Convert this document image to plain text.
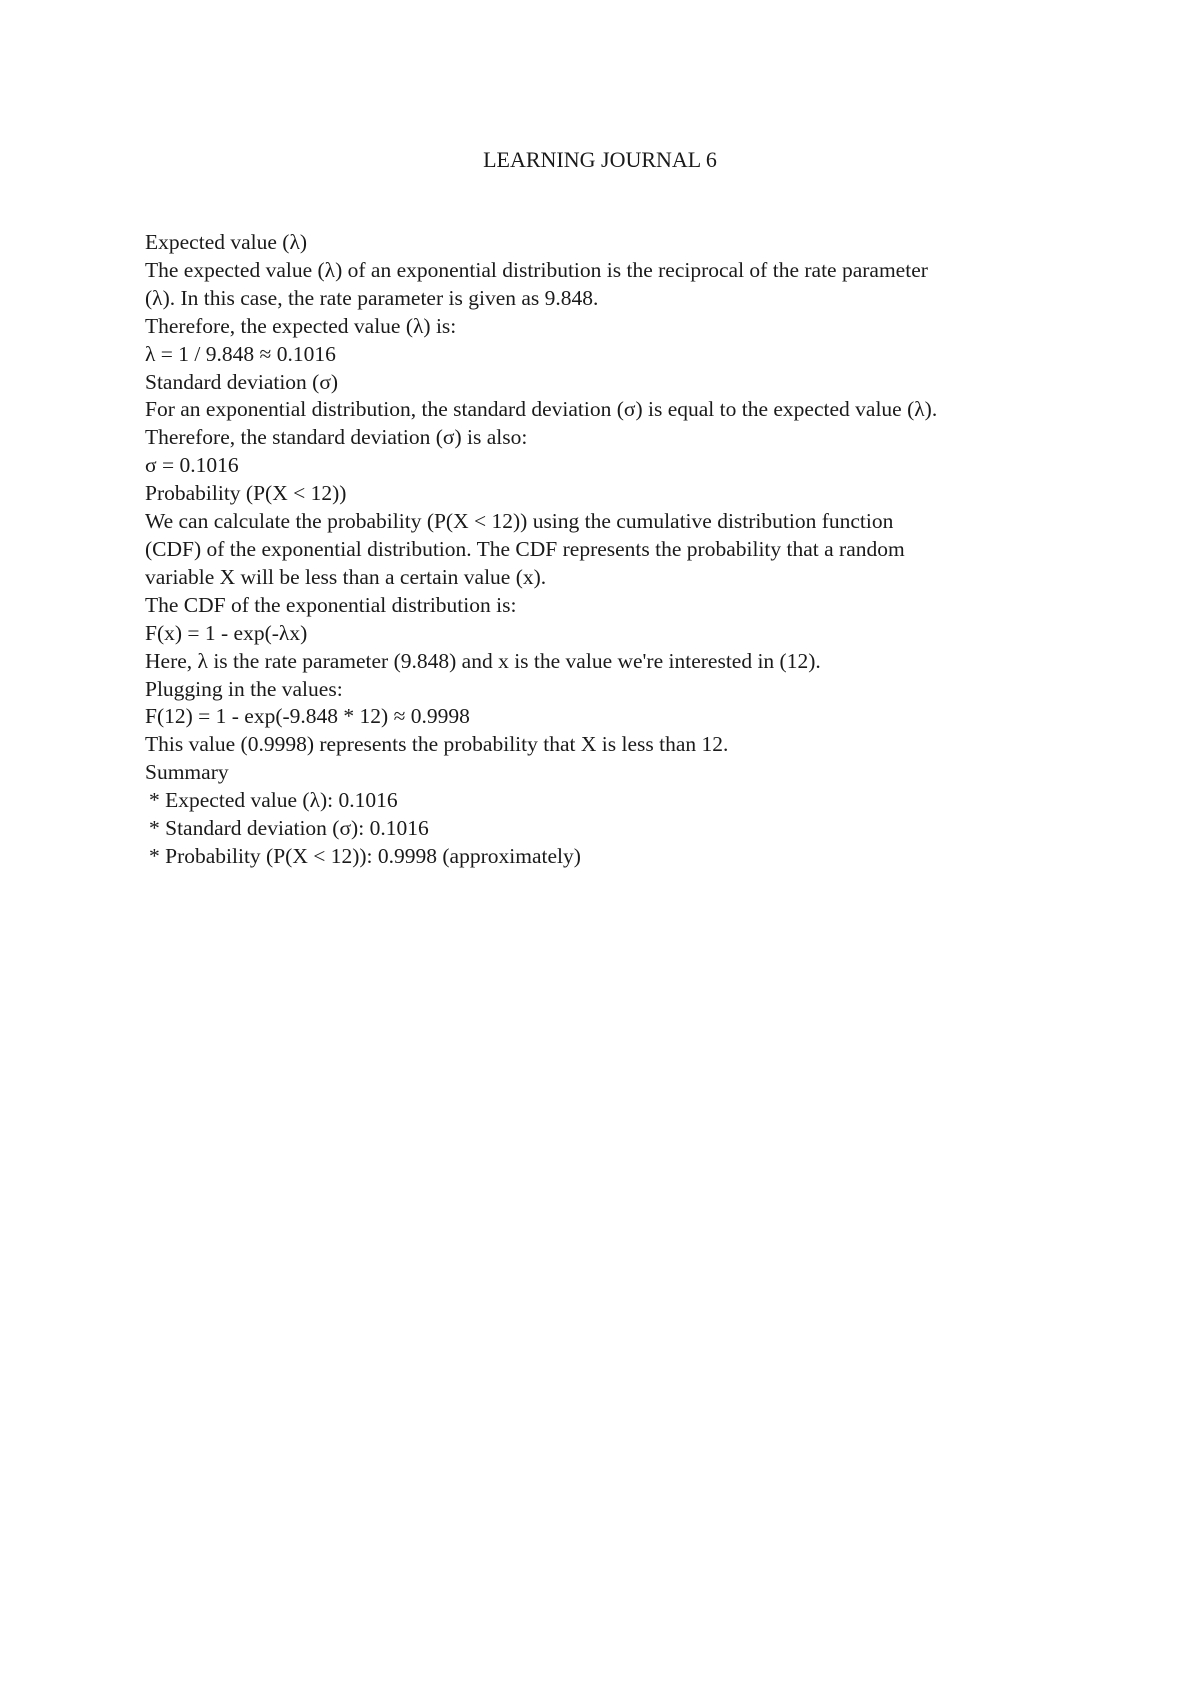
LEARNING JOURNAL 6
Expected value (λ)
The expected value (λ) of an exponential distribution is the reciprocal of the rate parameter
(λ). In this case, the rate parameter is given as 9.848.
Therefore, the expected value (λ) is:
λ = 1 / 9.848 ≈ 0.1016
Standard deviation (σ)
For an exponential distribution, the standard deviation (σ) is equal to the expected value (λ).
Therefore, the standard deviation (σ) is also:
σ = 0.1016
Probability (P(X < 12))
We can calculate the probability (P(X < 12)) using the cumulative distribution function
(CDF) of the exponential distribution. The CDF represents the probability that a random
variable X will be less than a certain value (x).
The CDF of the exponential distribution is:
F(x) = 1 - exp(-λx)
Here, λ is the rate parameter (9.848) and x is the value we're interested in (12).
Plugging in the values:
F(12) = 1 - exp(-9.848 * 12) ≈ 0.9998
This value (0.9998) represents the probability that X is less than 12.
Summary
* Expected value (λ): 0.1016
* Standard deviation (σ): 0.1016
* Probability (P(X < 12)): 0.9998 (approximately)
